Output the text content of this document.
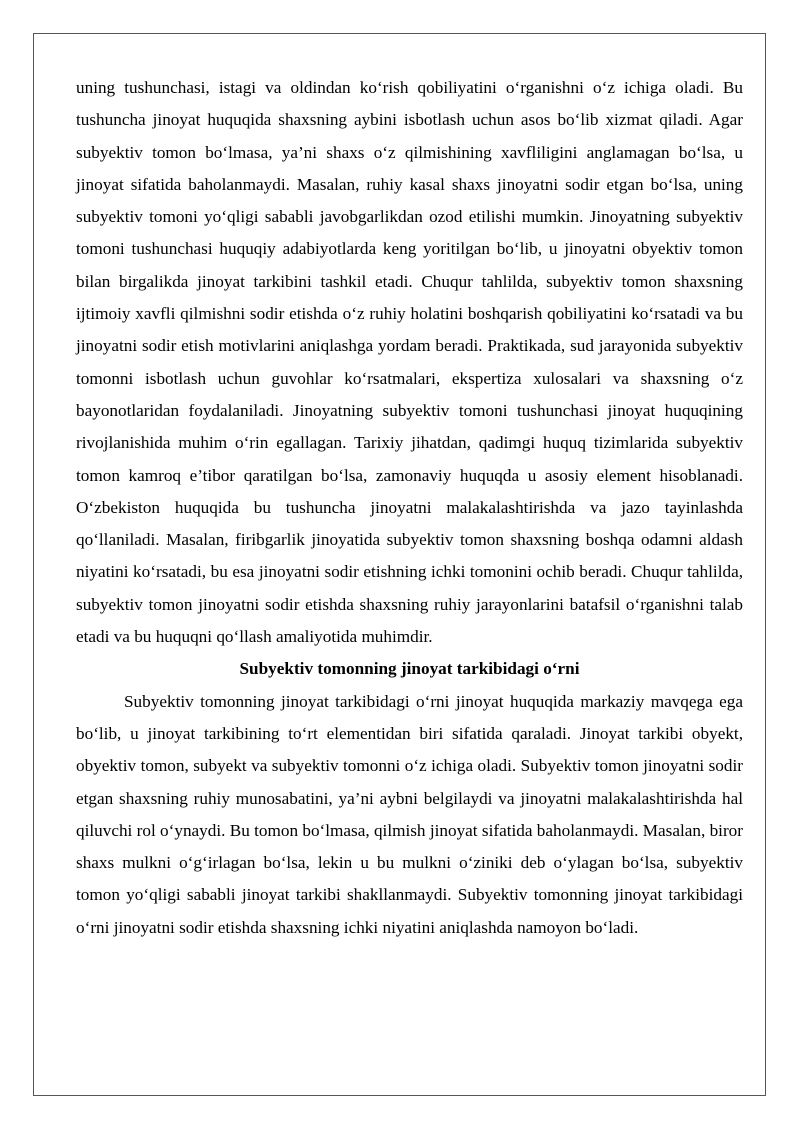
uning tushunchasi, istagi va oldindan ko‘rish qobiliyatini o‘rganishni o‘z ichiga oladi. Bu tushuncha jinoyat huquqida shaxsning aybini isbotlash uchun asos bo‘lib xizmat qiladi. Agar subyektiv tomon bo‘lmasa, ya’ni shaxs o‘z qilmishining xavfliligini anglamagan bo‘lsa, u jinoyat sifatida baholanmaydi. Masalan, ruhiy kasal shaxs jinoyatni sodir etgan bo‘lsa, uning subyektiv tomoni yo‘qligi sababli javobgarlikdan ozod etilishi mumkin. Jinoyatning subyektiv tomoni tushunchasi huquqiy adabiyotlarda keng yoritilgan bo‘lib, u jinoyatni obyektiv tomon bilan birgalikda jinoyat tarkibini tashkil etadi. Chuqur tahlilda, subyektiv tomon shaxsning ijtimoiy xavfli qilmishni sodir etishda o‘z ruhiy holatini boshqarish qobiliyatini ko‘rsatadi va bu jinoyatni sodir etish motivlarini aniqlashga yordam beradi. Praktikada, sud jarayonida subyektiv tomonni isbotlash uchun guvohlar ko‘rsatmalari, ekspertiza xulosalari va shaxsning o‘z bayonotlaridan foydalaniladi. Jinoyatning subyektiv tomoni tushunchasi jinoyat huquqining rivojlanishida muhim o‘rin egallagan. Tarixiy jihatdan, qadimgi huquq tizimlarida subyektiv tomon kamroq e’tibor qaratilgan bo‘lsa, zamonaviy huquqda u asosiy element hisoblanadi. O‘zbekiston huquqida bu tushuncha jinoyatni malakalashtirishda va jazo tayinlashda qo‘llaniladi. Masalan, firibgarlik jinoyatida subyektiv tomon shaxsning boshqa odamni aldash niyatini ko‘rsatadi, bu esa jinoyatni sodir etishning ichki tomonini ochib beradi. Chuqur tahlilda, subyektiv tomon jinoyatni sodir etishda shaxsning ruhiy jarayonlarini batafsil o‘rganishni talab etadi va bu huquqni qo‘llash amaliyotida muhimdir.

Subyektiv tomonning jinoyat tarkibidagi o‘rni

Subyektiv tomonning jinoyat tarkibidagi o‘rni jinoyat huquqida markaziy mavqega ega bo‘lib, u jinoyat tarkibining to‘rt elementidan biri sifatida qaraladi. Jinoyat tarkibi obyekt, obyektiv tomon, subyekt va subyektiv tomonni o‘z ichiga oladi. Subyektiv tomon jinoyatni sodir etgan shaxsning ruhiy munosabatini, ya’ni aybni belgilaydi va jinoyatni malakalashtirishda hal qiluvchi rol o‘ynaydi. Bu tomon bo‘lmasa, qilmish jinoyat sifatida baholanmaydi. Masalan, biror shaxs mulkni o‘g‘irlagan bo‘lsa, lekin u bu mulkni o‘ziniki deb o‘ylagan bo‘lsa, subyektiv tomon yo‘qligi sababli jinoyat tarkibi shakllanmaydi. Subyektiv tomonning jinoyat tarkibidagi o‘rni jinoyatni sodir etishda shaxsning ichki niyatini aniqlashda namoyon bo‘ladi.
